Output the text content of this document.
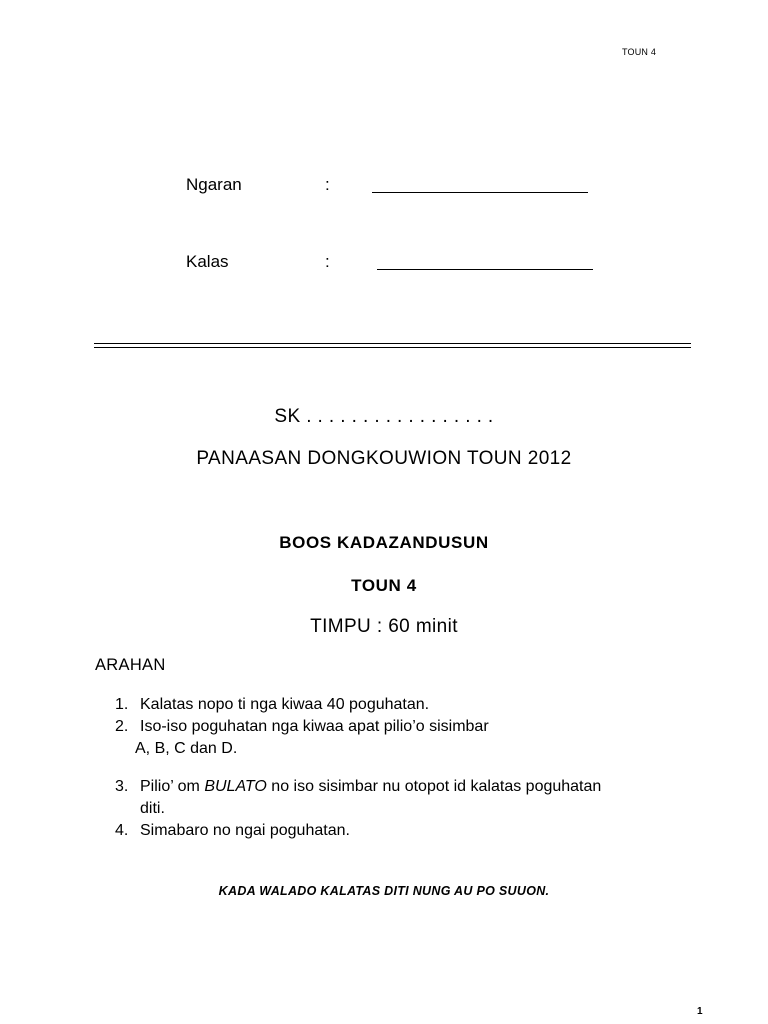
TOUN 4
Ngaran	:
Kalas	:
SK . . . . . . . . . . . . . . . . .
PANAASAN DONGKOUWION TOUN 2012
BOOS KADAZANDUSUN
TOUN 4
TIMPU : 60 minit
ARAHAN
1. Kalatas nopo ti nga kiwaa 40 poguhatan.
2. Iso-iso poguhatan nga kiwaa apat pilio’o sisimbar
A, B, C dan D.
3. Pilio’ om BULATO no iso sisimbar nu otopot id kalatas poguhatan
diti.
4. Simabaro no ngai poguhatan.
KADA WALADO KALATAS DITI NUNG AU PO SUUON.
1
